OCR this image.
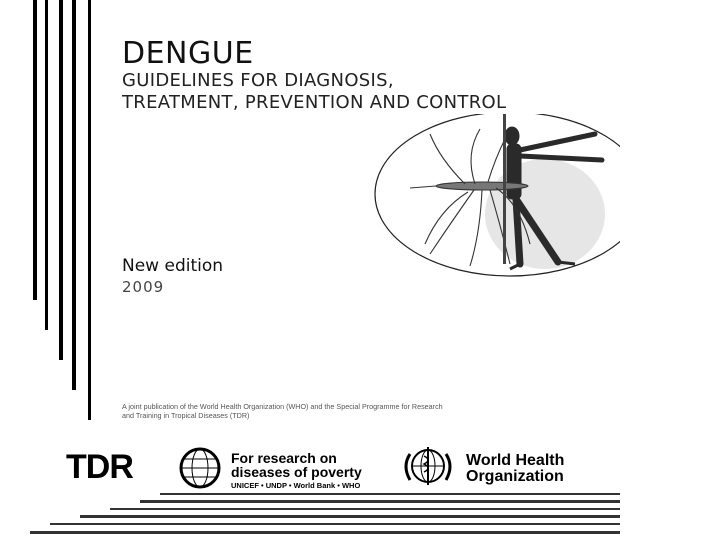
DENGUE
GUIDELINES FOR DIAGNOSIS,
TREATMENT, PREVENTION AND CONTROL
New edition
2009
A joint publication of the World Health Organization (WHO) and the Special Programme for Research
and Training in Tropical Diseases (TDR)
TDR	For research on
diseases of poverty
UNICEF • UNDP • World Bank • WHO
World Health
Organization
